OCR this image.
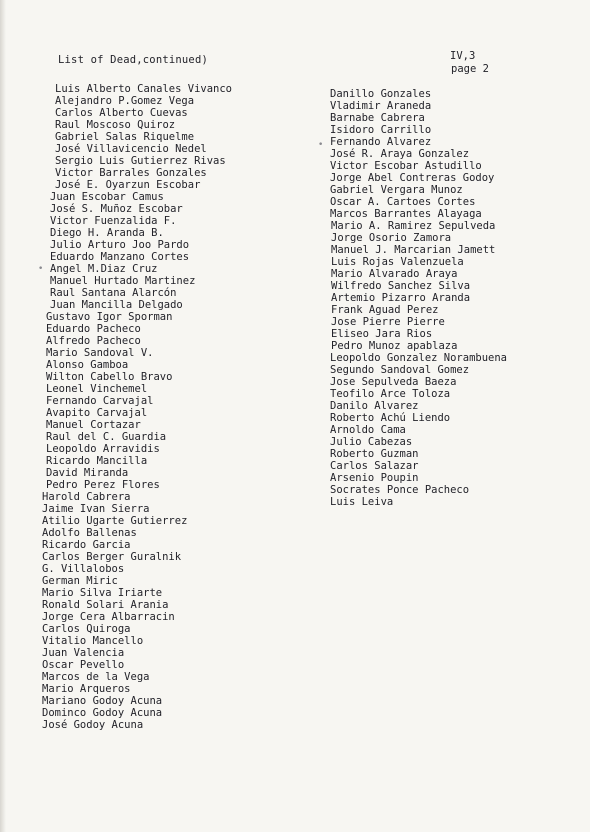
List of Dead,continued)	IV,3
page 2
Luis Alberto Canales Vivanco
Alejandro P.Gomez Vega
Carlos Alberto Cuevas
Raul Moscoso Quiroz
Gabriel Salas Riquelme
José Villavicencio Nedel
Sergio Luis Gutierrez Rivas
Victor Barrales Gonzales
José E. Oyarzun Escobar
Juan Escobar Camus
José S. Muñoz Escobar
Victor Fuenzalida F.
Diego H. Aranda B.
Julio Arturo Joo Pardo
Eduardo Manzano Cortes
Angel M.Diaz Cruz
Manuel Hurtado Martinez
Raul Santana Alarcón
Juan Mancilla Delgado
Gustavo Igor Sporman
Eduardo Pacheco
Alfredo Pacheco
Mario Sandoval V.
Alonso Gamboa
Wilton Cabello Bravo
Leonel Vinchemel
Fernando Carvajal
Avapito Carvajal
Manuel Cortazar
Raul del C. Guardia
Leopoldo Arravidis
Ricardo Mancilla
David Miranda
Pedro Perez Flores
Harold Cabrera
Jaime Ivan Sierra
Atilio Ugarte Gutierrez
Adolfo Ballenas
Ricardo Garcia
Carlos Berger Guralnik
G. Villalobos
German Miric
Mario Silva Iriarte
Ronald Solari Arania
Jorge Cera Albarracin
Carlos Quiroga
Vitalio Mancello
Juan Valencia
Oscar Pevello
Marcos de la Vega
Mario Arqueros
Mariano Godoy Acuna
Dominco Godoy Acuna
José Godoy Acuna
Danillo Gonzales
Vladimir Araneda
Barnabe Cabrera
Isidoro Carrillo
Fernando Alvarez
José R. Araya Gonzalez
Victor Escobar Astudillo
Jorge Abel Contreras Godoy
Gabriel Vergara Munoz
Oscar A. Cartoes Cortes
Marcos Barrantes Alayaga
Mario A. Ramirez Sepulveda
Jorge Osorio Zamora
Manuel J. Marcarian Jamett
Luis Rojas Valenzuela
Mario Alvarado Araya
Wilfredo Sanchez Silva
Artemio Pizarro Aranda
Frank Aguad Perez
Jose Pierre Pierre
Eliseo Jara Rios
Pedro Munoz apablaza
Leopoldo Gonzalez Norambuena
Segundo Sandoval Gomez
Jose Sepulveda Baeza
Teofilo Arce Toloza
Danilo Alvarez
Roberto Achú Liendo
Arnoldo Cama
Julio Cabezas
Roberto Guzman
Carlos Salazar
Arsenio Poupin
Socrates Ponce Pacheco
Luis Leiva
•
•
